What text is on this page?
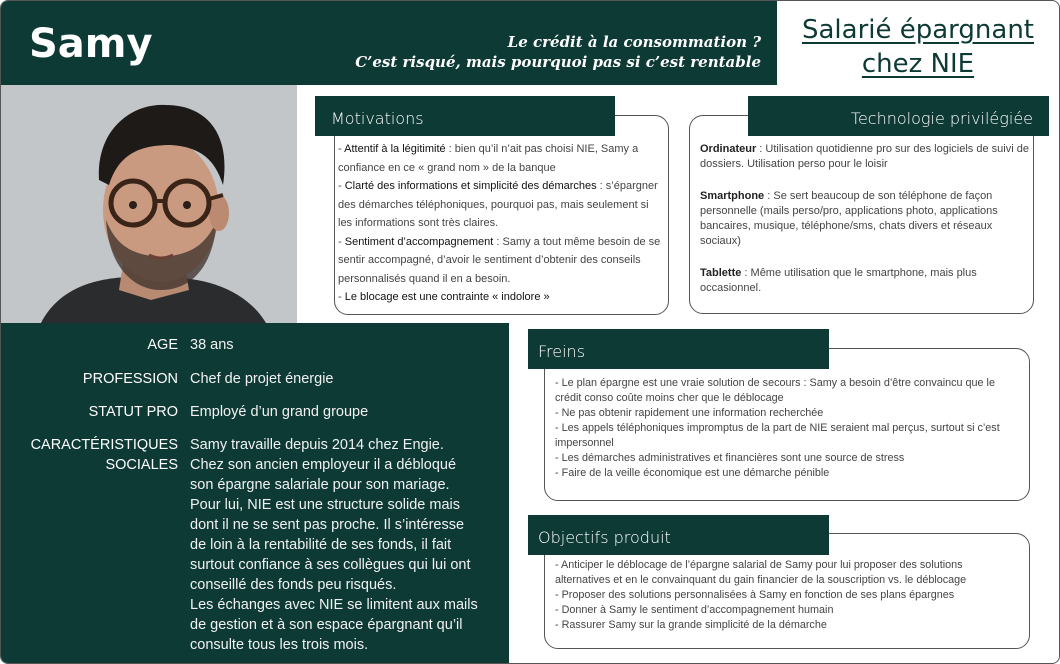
Samy	Le crédit à la consommation ?
C’est risqué, mais pourquoi pas si c’est rentable
Salarié épargnant
chez NIE
AGE 38 ans
PROFESSION Chef de projet énergie
STATUT PRO Employé d’un grand groupe
CARACTÉRISTIQUES
SOCIALES
Samy travaille depuis 2014 chez Engie.
Chez son ancien employeur il a débloqué
son épargne salariale pour son mariage.
Pour lui, NIE est une structure solide mais
dont il ne se sent pas proche. Il s’intéresse
de loin à la rentabilité de ses fonds, il fait
surtout confiance à ses collègues qui lui ont
conseillé des fonds peu risqués.
Les échanges avec NIE se limitent aux mails
de gestion et à son espace épargnant qu’il
consulte tous les trois mois.
Motivations
- Attentif à la légitimité : bien qu’il n’ait pas choisi NIE, Samy a confiance en ce « grand nom » de la banque
- Clarté des informations et simplicité des démarches : s’épargner des démarches téléphoniques, pourquoi pas, mais seulement si les informations sont très claires.
- Sentiment d’accompagnement : Samy a tout même besoin de se sentir accompagné, d’avoir le sentiment d’obtenir des conseils personnalisés quand il en a besoin.
- Le blocage est une contrainte « indolore »
Technologie privilégiée
Ordinateur : Utilisation quotidienne pro sur des logiciels de suivi de dossiers. Utilisation perso pour le loisir
Smartphone : Se sert beaucoup de son téléphone de façon personnelle (mails perso/pro, applications photo, applications bancaires, musique, téléphone/sms, chats divers et réseaux sociaux)
Tablette : Même utilisation que le smartphone, mais plus occasionnel.
Freins
- Le plan épargne est une vraie solution de secours : Samy a besoin d’être convaincu que le crédit conso coûte moins cher que le déblocage
- Ne pas obtenir rapidement une information recherchée
- Les appels téléphoniques impromptus de la part de NIE seraient mal perçus, surtout si c’est impersonnel
- Les démarches administratives et financières sont une source de stress
- Faire de la veille économique est une démarche pénible
Objectifs produit
- Anticiper le déblocage de l’épargne salarial de Samy pour lui proposer des solutions alternatives et en le convainquant du gain financier de la souscription vs. le déblocage
- Proposer des solutions personnalisées à Samy en fonction de ses plans épargnes
- Donner à Samy le sentiment d’accompagnement humain
- Rassurer Samy sur la grande simplicité de la démarche
